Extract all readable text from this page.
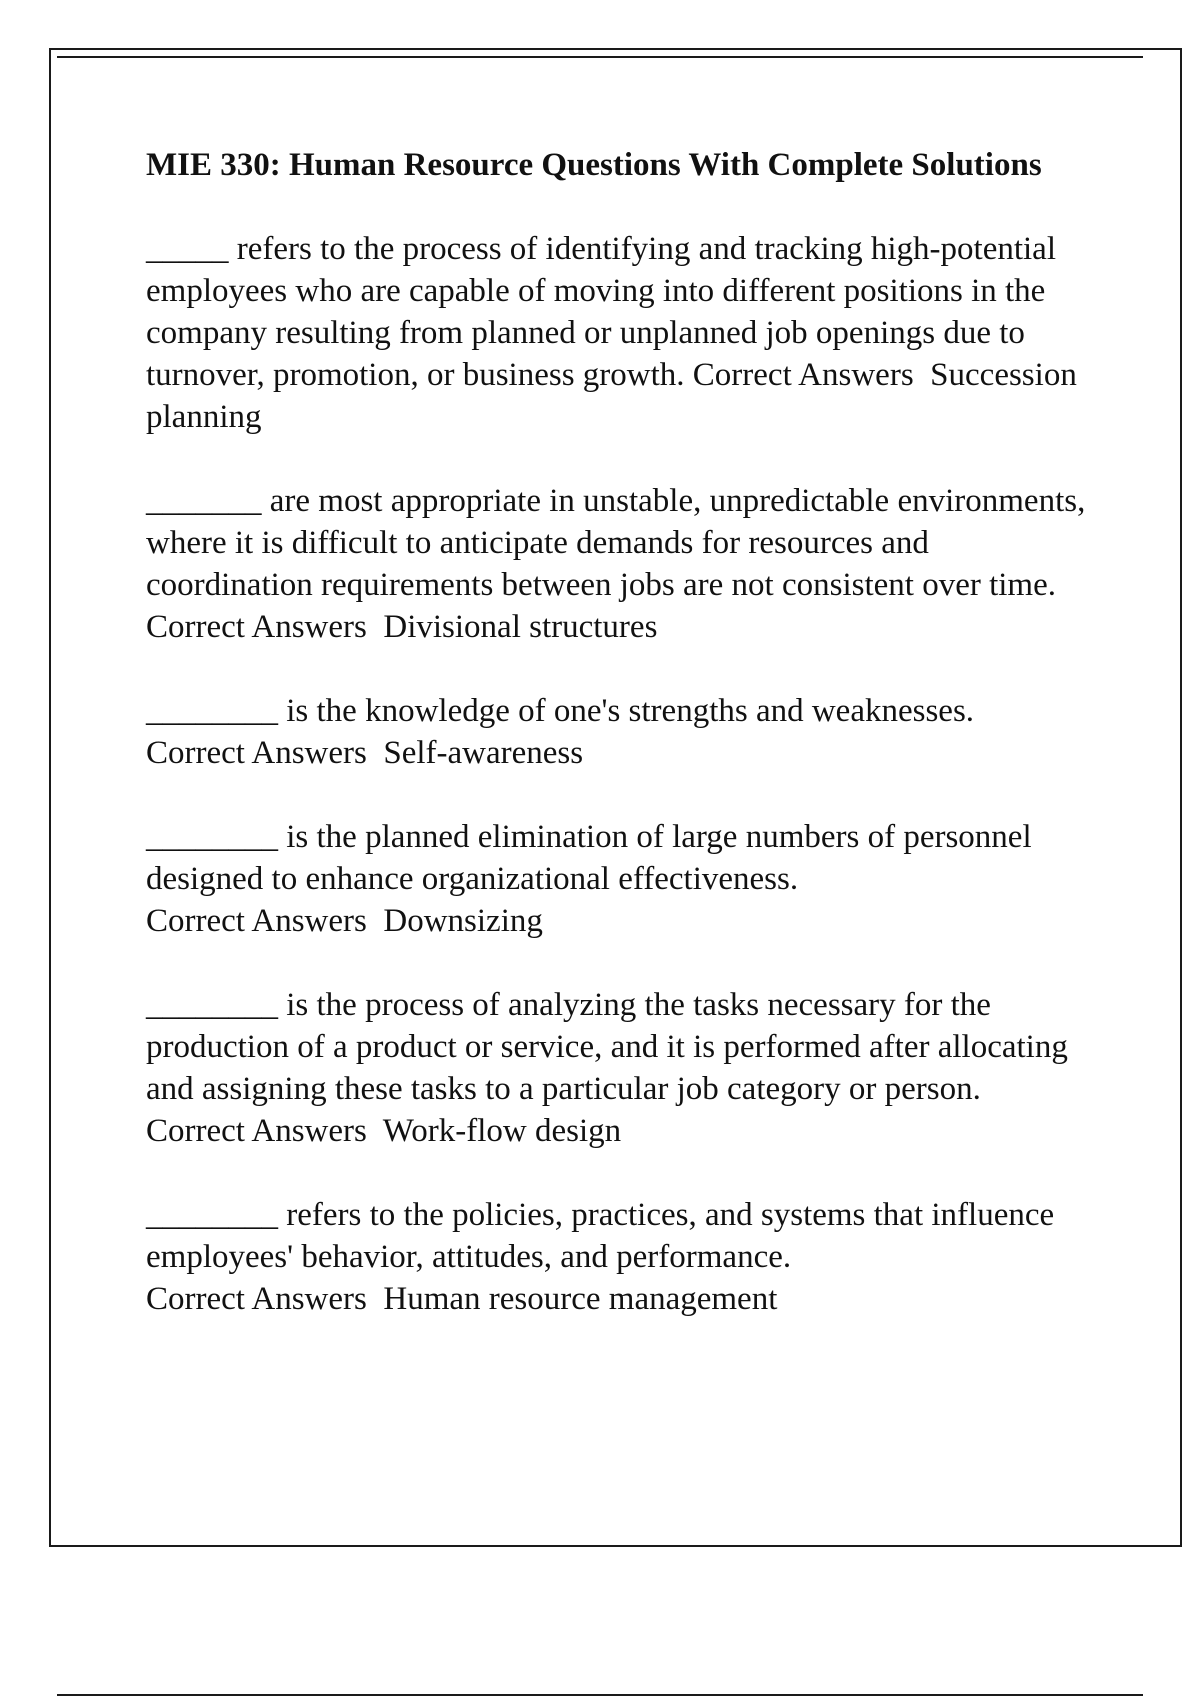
MIE 330: Human Resource Questions With Complete Solutions

_____ refers to the process of identifying and tracking high-potential employees who are capable of moving into different positions in the company resulting from planned or unplanned job openings due to turnover, promotion, or business growth. Correct Answers Succession planning

_______ are most appropriate in unstable, unpredictable environments, where it is difficult to anticipate demands for resources and coordination requirements between jobs are not consistent over time. Correct Answers Divisional structures

________ is the knowledge of one's strengths and weaknesses. Correct Answers Self-awareness

________ is the planned elimination of large numbers of personnel designed to enhance organizational effectiveness. Correct Answers Downsizing

________ is the process of analyzing the tasks necessary for the production of a product or service, and it is performed after allocating and assigning these tasks to a particular job category or person. Correct Answers Work-flow design

________ refers to the policies, practices, and systems that influence employees' behavior, attitudes, and performance. Correct Answers Human resource management
